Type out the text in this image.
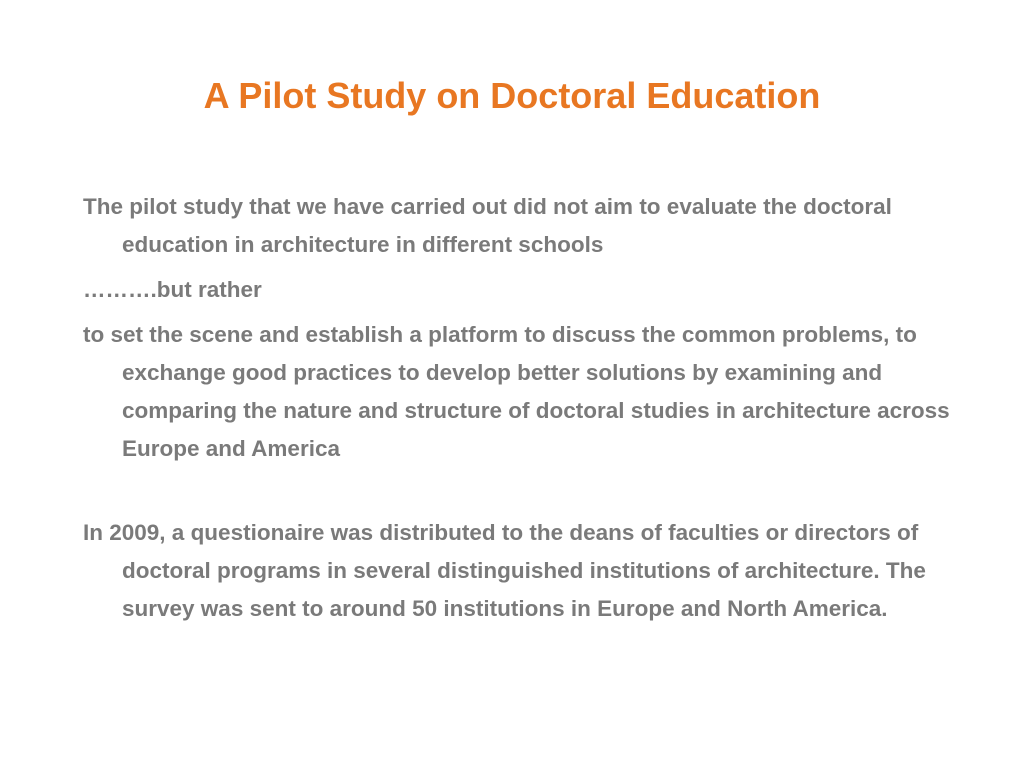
A Pilot Study on Doctoral Education

The pilot study that we have carried out did not aim to evaluate the doctoral education in architecture in different schools

……….but rather

to set the scene and establish a platform to discuss the common problems, to exchange good practices to develop better solutions by examining and comparing the nature and structure of doctoral studies in architecture across Europe and America

In 2009, a questionaire was distributed to the deans of faculties or directors of doctoral programs in several distinguished institutions of architecture. The survey was sent to around 50 institutions in Europe and North America.
